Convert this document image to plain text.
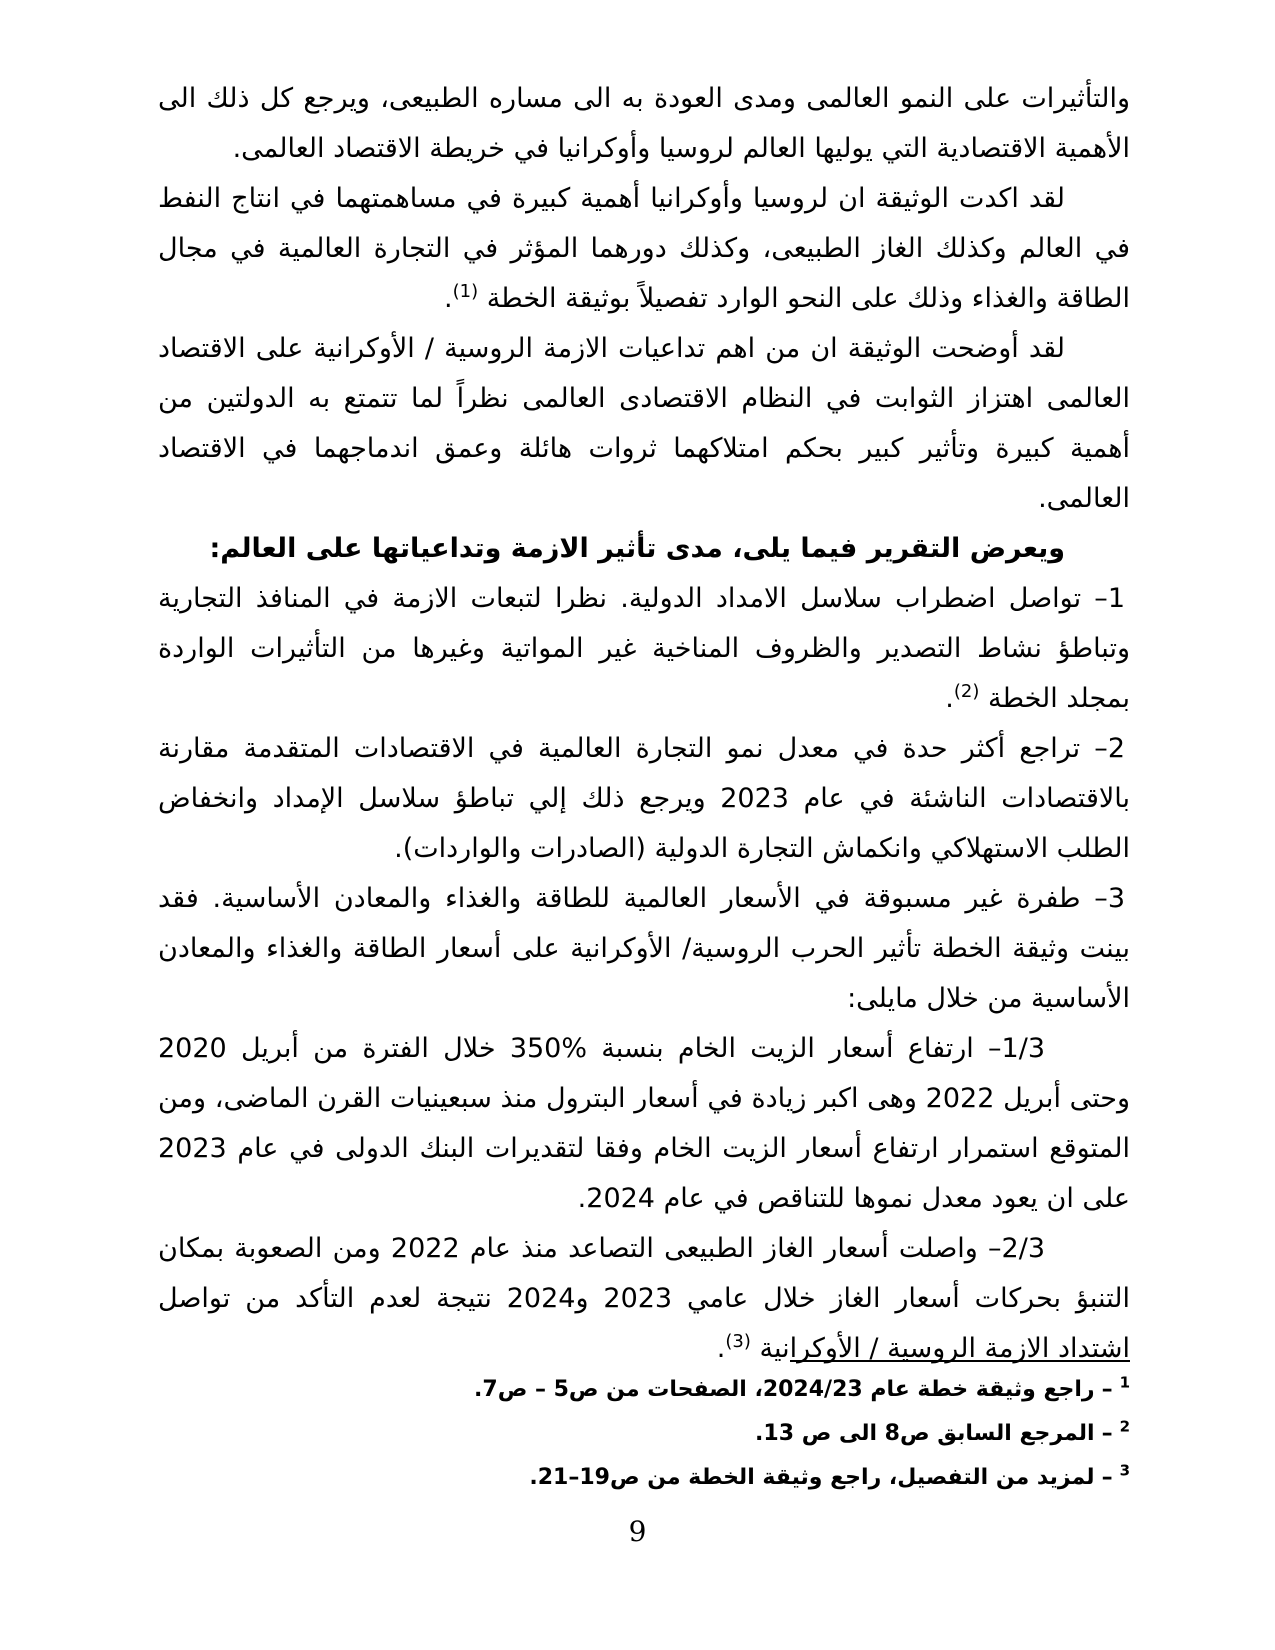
والتأثيرات على النمو العالمى ومدى العودة به الى مساره الطبيعى، ويرجع كل ذلك الى الأهمية الاقتصادية التي يوليها العالم لروسيا وأوكرانيا في خريطة الاقتصاد العالمى.

لقد اكدت الوثيقة ان لروسيا وأوكرانيا أهمية كبيرة في مساهمتهما في انتاج النفط في العالم وكذلك الغاز الطبيعى، وكذلك دورهما المؤثر في التجارة العالمية في مجال الطاقة والغذاء وذلك على النحو الوارد تفصيلاً بوثيقة الخطة $^{(1)}$.

لقد أوضحت الوثيقة ان من اهم تداعيات الازمة الروسية / الأوكرانية على الاقتصاد العالمى اهتزاز الثوابت في النظام الاقتصادى العالمى نظراً لما تتمتع به الدولتين من أهمية كبيرة وتأثير كبير بحكم امتلاكهما ثروات هائلة وعمق اندماجهما في الاقتصاد العالمى.

ويعرض التقرير فيما يلى، مدى تأثير الازمة وتداعياتها على العالم:

1– تواصل اضطراب سلاسل الامداد الدولية. نظرا لتبعات الازمة في المنافذ التجارية وتباطؤ نشاط التصدير والظروف المناخية غير المواتية وغيرها من التأثيرات الواردة بمجلد الخطة $^{(2)}$.

2– تراجع أكثر حدة في معدل نمو التجارة العالمية في الاقتصادات المتقدمة مقارنة بالاقتصادات الناشئة في عام 2023 ويرجع ذلك إلي تباطؤ سلاسل الإمداد وانخفاض الطلب الاستهلاكي وانكماش التجارة الدولية (الصادرات والواردات).

3– طفرة غير مسبوقة في الأسعار العالمية للطاقة والغذاء والمعادن الأساسية. فقد بينت وثيقة الخطة تأثير الحرب الروسية/ الأوكرانية على أسعار الطاقة والغذاء والمعادن الأساسية من خلال مايلى:

1/3– ارتفاع أسعار الزيت الخام بنسبة %350 خلال الفترة من أبريل 2020 وحتى أبريل 2022 وهى اكبر زيادة في أسعار البترول منذ سبعينيات القرن الماضى، ومن المتوقع استمرار ارتفاع أسعار الزيت الخام وفقا لتقديرات البنك الدولى في عام 2023 على ان يعود معدل نموها للتناقص في عام 2024.

2/3– واصلت أسعار الغاز الطبيعى التصاعد منذ عام 2022 ومن الصعوبة بمكان التنبؤ بحركات أسعار الغاز خلال عامي 2023 و2024 نتيجة لعدم التأكد من تواصل اشتداد الازمة الروسية / الأوكرانية $^{(3)}$.

$^1$–راجع وثيقة خطة عام 2024/23، الصفحات من ص5 – ص7.
$^2$–المرجع السابق ص8 الى ص 13.
$^3$–لمزيد من التفصيل، راجع وثيقة الخطة من ص19–21.
9
